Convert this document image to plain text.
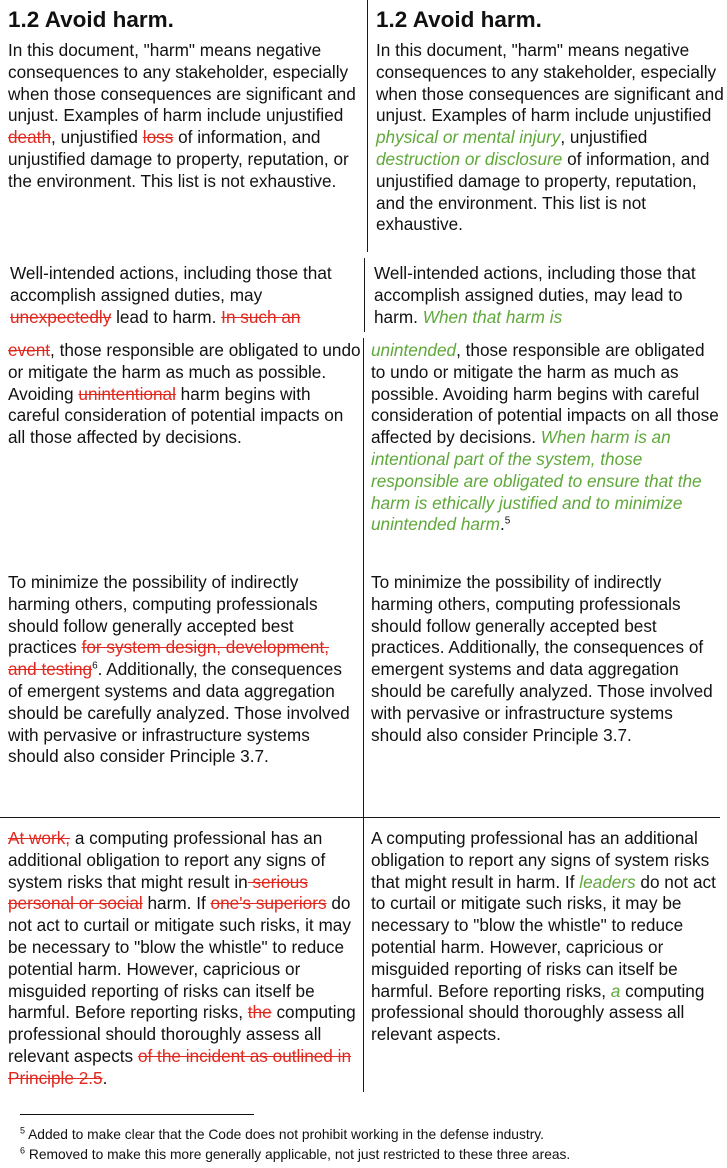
1.2 Avoid harm.

In this document, "harm" means negative consequences to any stakeholder, especially when those consequences are significant and unjust. Examples of harm include unjustified death, unjustified loss of information, and unjustified damage to property, reputation, or the environment. This list is not exhaustive.

Well-intended actions, including those that accomplish assigned duties, may unexpectedly lead to harm. In such an
event, those responsible are obligated to undo or mitigate the harm as much as possible. Avoiding unintentional harm begins with careful consideration of potential impacts on all those affected by decisions.
To minimize the possibility of indirectly harming others, computing professionals should follow generally accepted best practices for system design, development, and testing$^6$. Additionally, the consequences of emergent systems and data aggregation should be carefully analyzed. Those involved with pervasive or infrastructure systems should also consider Principle 3.7.
At work, a computing professional has an additional obligation to report any signs of system risks that might result in serious personal or social harm. If one's superiors do not act to curtail or mitigate such risks, it may be necessary to "blow the whistle" to reduce potential harm. However, capricious or misguided reporting of risks can itself be harmful. Before reporting risks, the computing professional should thoroughly assess all relevant aspects of the incident as outlined in Principle 2.5.
1.2 Avoid harm.

In this document, "harm" means negative consequences to any stakeholder, especially when those consequences are significant and unjust. Examples of harm include unjustified physical or mental injury, unjustified destruction or disclosure of information, and unjustified damage to property, reputation, and the environment. This list is not exhaustive.

Well-intended actions, including those that accomplish assigned duties, may lead to harm. When that harm is
unintended, those responsible are obligated to undo or mitigate the harm as much as possible. Avoiding harm begins with careful consideration of potential impacts on all those affected by decisions. When harm is an intentional part of the system, those responsible are obligated to ensure that the harm is ethically justified and to minimize unintended harm.$^5$
To minimize the possibility of indirectly harming others, computing professionals should follow generally accepted best practices. Additionally, the consequences of emergent systems and data aggregation should be carefully analyzed. Those involved with pervasive or infrastructure systems should also consider Principle 3.7.
A computing professional has an additional obligation to report any signs of system risks that might result in harm. If leaders do not act to curtail or mitigate such risks, it may be necessary to "blow the whistle" to reduce potential harm. However, capricious or misguided reporting of risks can itself be harmful. Before reporting risks, a computing professional should thoroughly assess all relevant aspects.
$^5$ Added to make clear that the Code does not prohibit working in the defense industry.
$^6$ Removed to make this more generally applicable, not just restricted to these three areas.
